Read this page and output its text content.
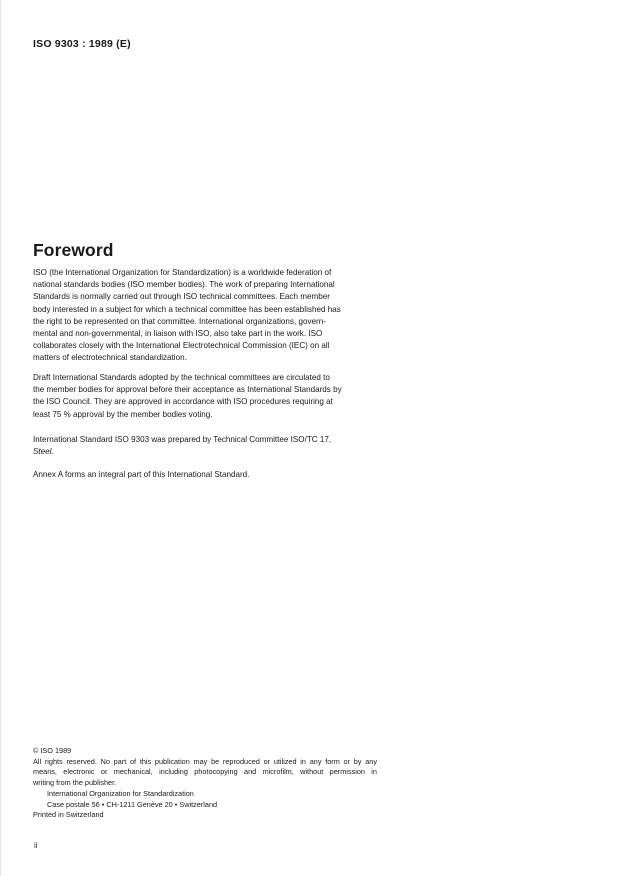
ISO 9303 : 1989 (E)
Foreword
ISO (the International Organization for Standardization) is a worldwide federation of
national standards bodies (ISO member bodies). The work of preparing International
Standards is normally carried out through ISO technical committees. Each member
body interested in a subject for which a technical committee has been established has
the right to be represented on that committee. International organizations, govern-
mental and non-governmental, in liaison with ISO, also take part in the work. ISO
collaborates closely with the International Electrotechnical Commission (IEC) on all
matters of electrotechnical standardization.
Draft International Standards adopted by the technical committees are circulated to
the member bodies for approval before their acceptance as International Standards by
the ISO Council. They are approved in accordance with ISO procedures requiring at
least 75 % approval by the member bodies voting.
International Standard ISO 9303 was prepared by Technical Committee ISO/TC 17,
Steel.
Annex A forms an integral part of this International Standard.
© ISO 1989
All rights reserved. No part of this publication may be reproduced or utilized in any form or by any
means, electronic or mechanical, including photocopying and microfilm, without permission in
writing from the publisher.
International Organization for Standardization
Case postale 56 • CH-1211 Genève 20 • Switzerland
Printed in Switzerland
ii
